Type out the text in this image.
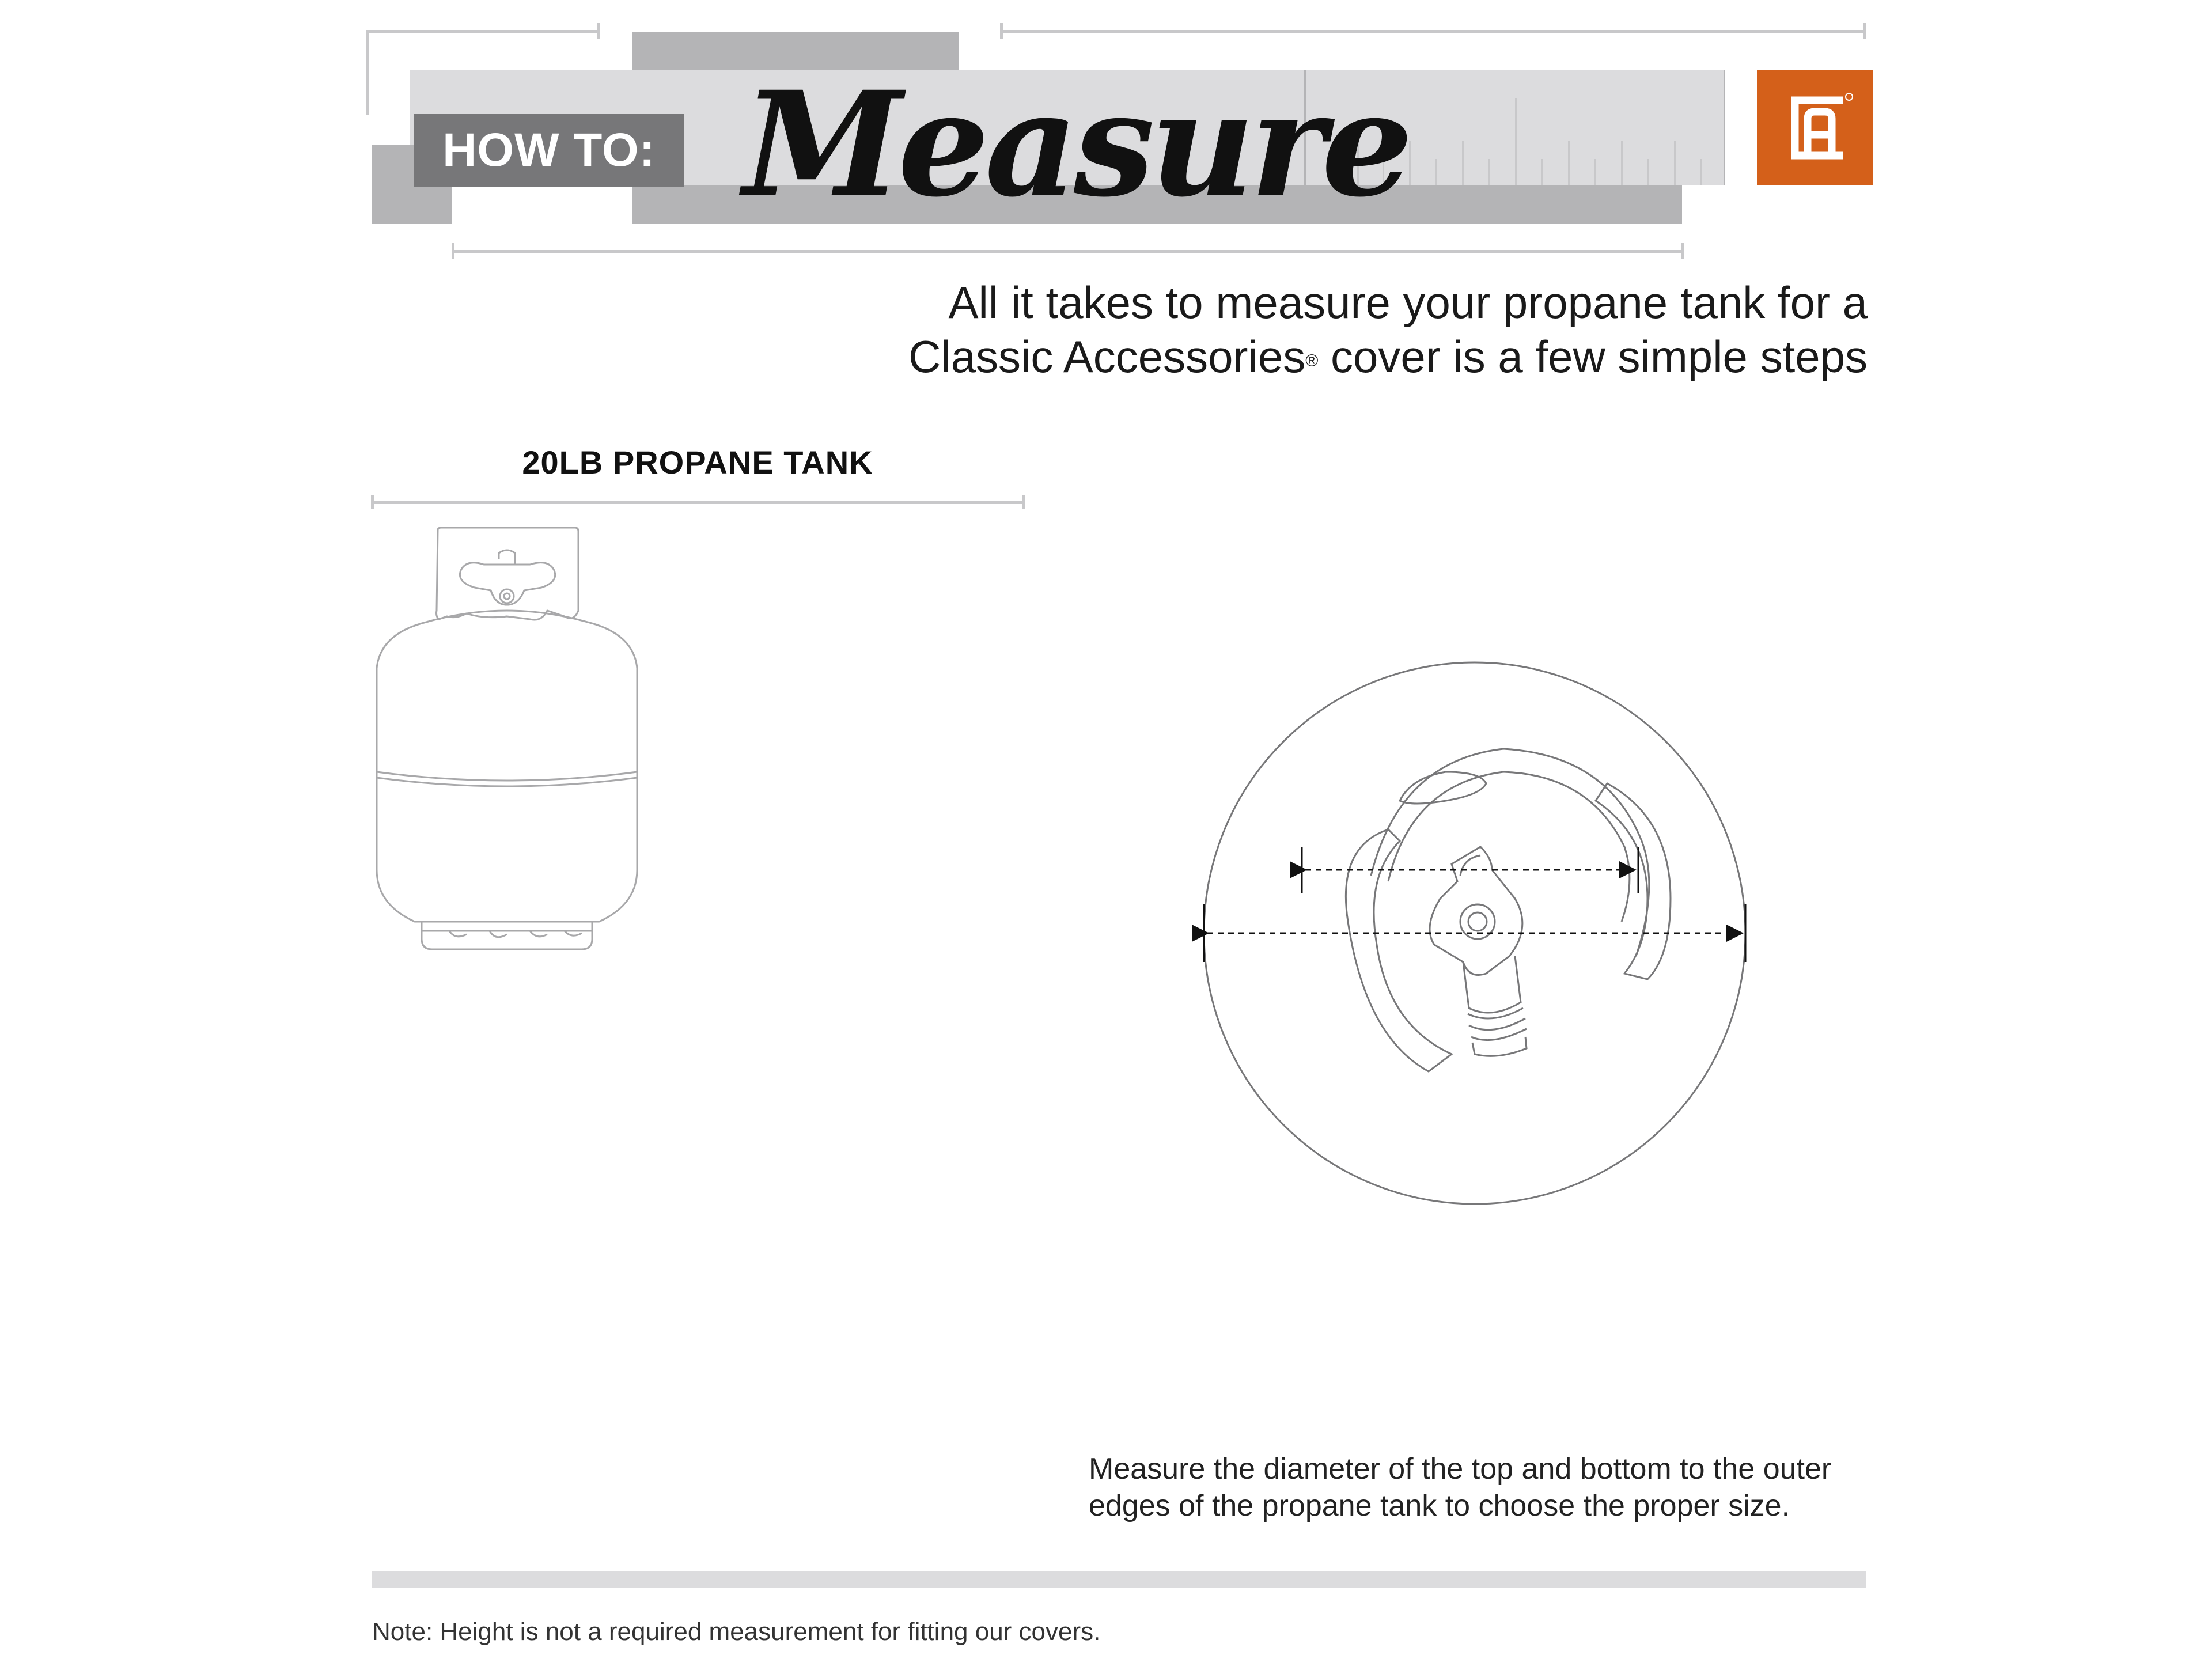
HOW TO: Measure
All it takes to measure your propane tank for a
Classic Accessories® cover is a few simple steps
20LB PROPANE TANK
Measure the diameter of the top and bottom to the outer edges of the propane tank to choose the proper size.
Note: Height is not a required measurement for fitting our covers.
